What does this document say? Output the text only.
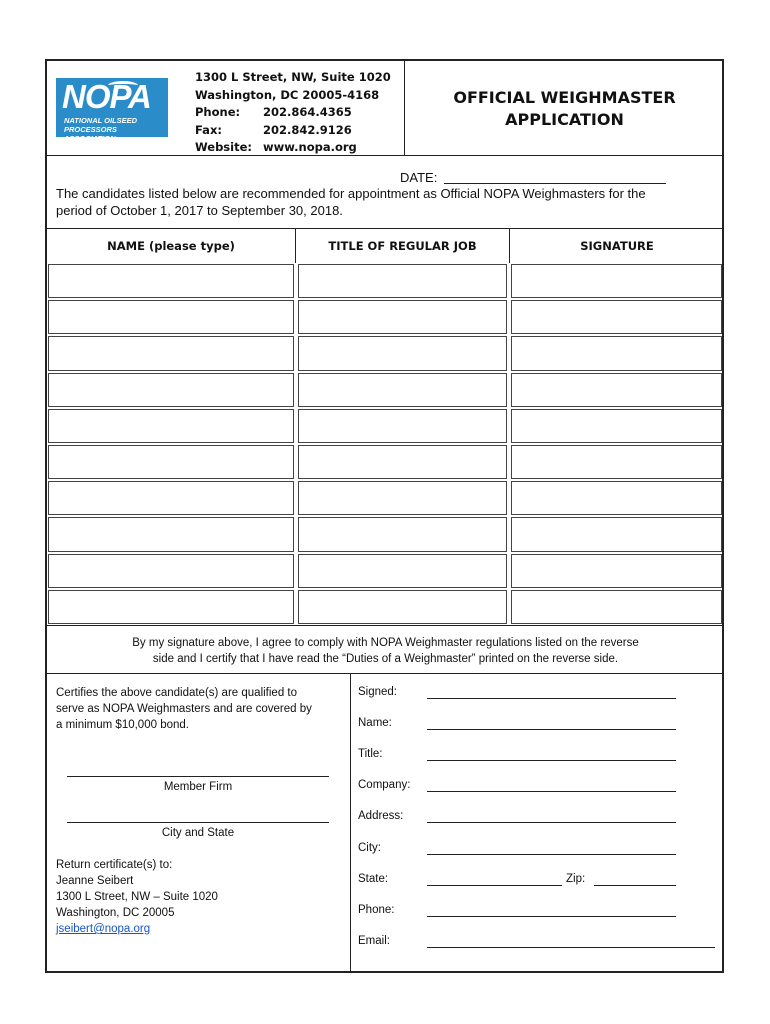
NOPA
NATIONAL OILSEED
PROCESSORS ASSOCIATION
1300 L Street, NW, Suite 1020
Washington, DC 20005-4168
Phone: 202.864.4365
Fax:	202.842.9126
Website: www.nopa.org
OFFICIAL WEIGHMASTER
APPLICATION
DATE:
The candidates listed below are recommended for appointment as Official NOPA Weighmasters for the
period of October 1, 2017 to September 30, 2018.
NAME (please type)	TITLE OF REGULAR JOB	SIGNATURE
By my signature above, I agree to comply with NOPA Weighmaster regulations listed on the reverse
side and I certify that I have read the “Duties of a Weighmaster” printed on the reverse side.
Certifies the above candidate(s) are qualified to
serve as NOPA Weighmasters and are covered by
a minimum $10,000 bond.
Member Firm
City and State
Return certificate(s) to:
Jeanne Seibert
1300 L Street, NW – Suite 1020
Washington, DC 20005
jseibert@nopa.org
Signed:
Name:
Title:
Company:
Address:
City:
State:	Zip:
Phone:
Email:
